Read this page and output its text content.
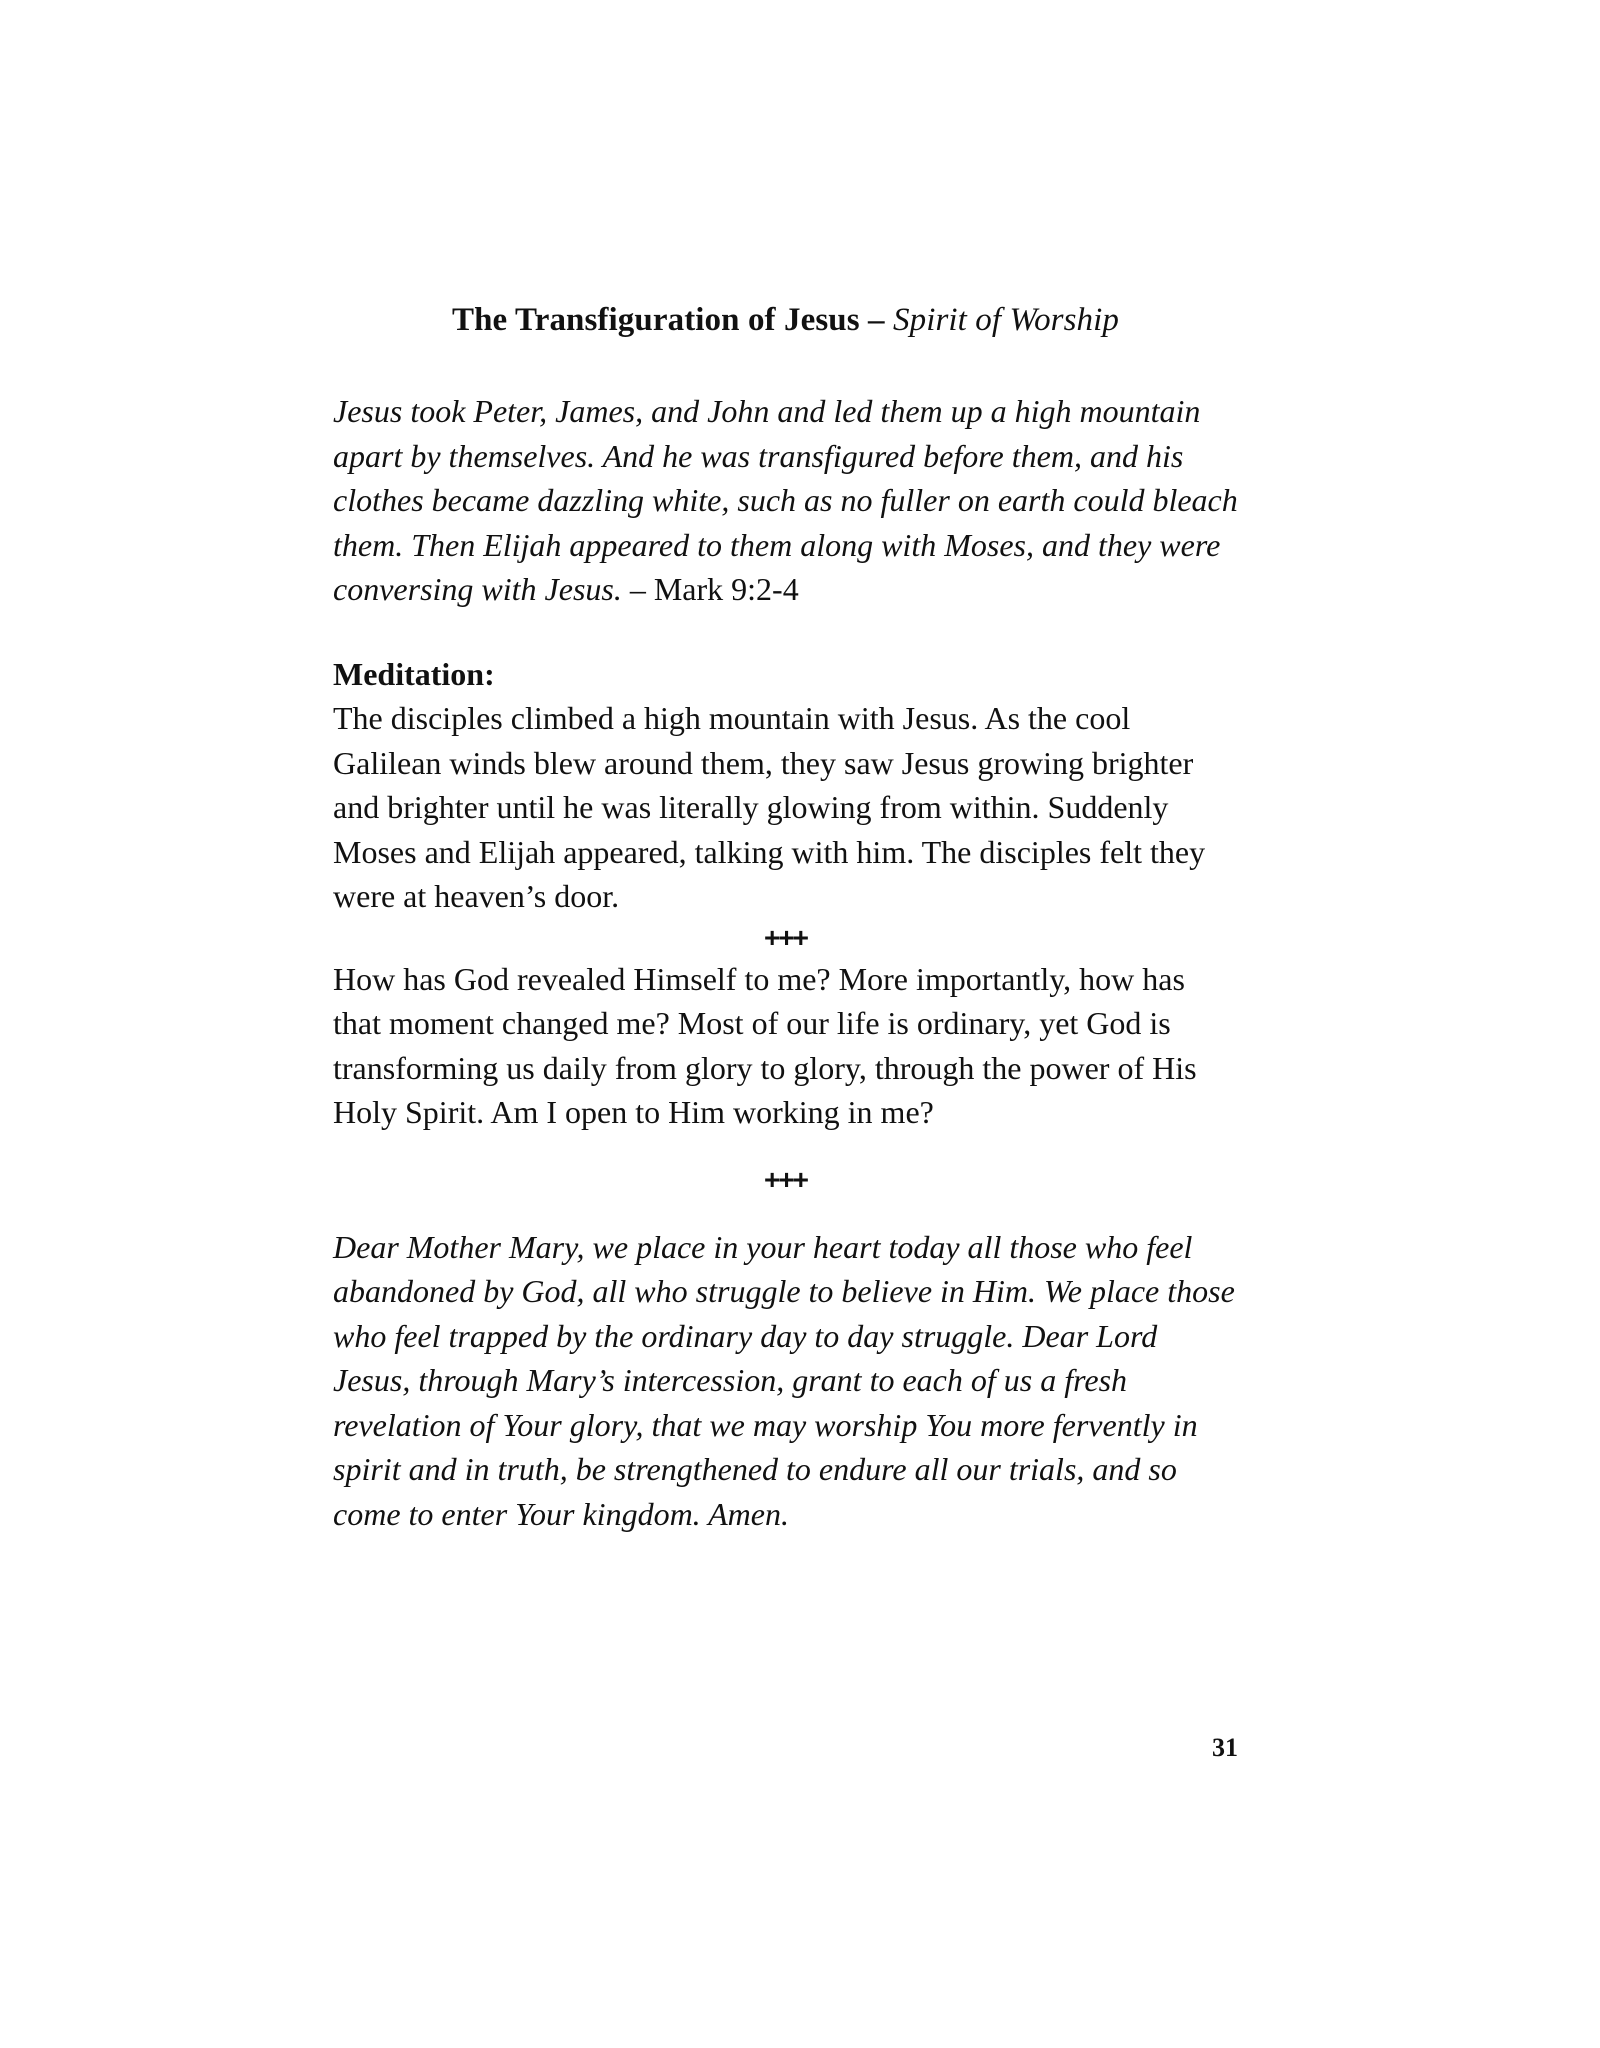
The Transfiguration of Jesus – Spirit of Worship

Jesus took Peter, James, and John and led them up a high mountain apart by themselves. And he was transfigured before them, and his clothes became dazzling white, such as no fuller on earth could bleach them. Then Elijah appeared to them along with Moses, and they were conversing with Jesus. – Mark 9:2-4

Meditation:

The disciples climbed a high mountain with Jesus. As the cool Galilean winds blew around them, they saw Jesus growing brighter and brighter until he was literally glowing from within. Suddenly Moses and Elijah appeared, talking with him. The disciples felt they were at heaven’s door.

+++

How has God revealed Himself to me? More importantly, how has that moment changed me? Most of our life is ordinary, yet God is transforming us daily from glory to glory, through the power of His Holy Spirit. Am I open to Him working in me?

+++

Dear Mother Mary, we place in your heart today all those who feel abandoned by God, all who struggle to believe in Him. We place those who feel trapped by the ordinary day to day struggle. Dear Lord Jesus, through Mary’s intercession, grant to each of us a fresh revelation of Your glory, that we may worship You more fervently in spirit and in truth, be strengthened to endure all our trials, and so come to enter Your kingdom. Amen.

31
